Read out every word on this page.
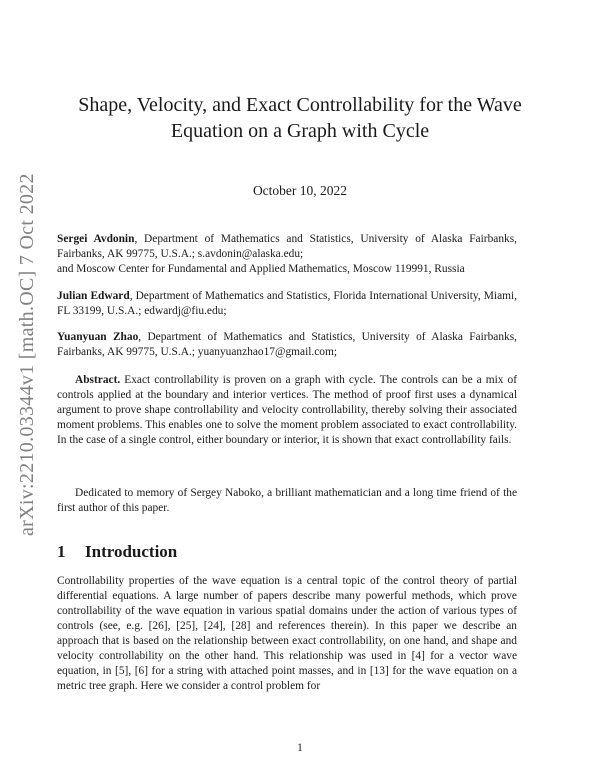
arXiv:2210.03344v1 [math.OC] 7 Oct 2022
Shape, Velocity, and Exact Controllability for the Wave
Equation on a Graph with Cycle
October 10, 2022

Sergei Avdonin, Department of Mathematics and Statistics, University of Alaska Fairbanks, Fairbanks, AK 99775, U.S.A.; s.avdonin@alaska.edu;
and Moscow Center for Fundamental and Applied Mathematics, Moscow 119991, Russia

Julian Edward, Department of Mathematics and Statistics, Florida International University, Miami, FL 33199, U.S.A.; edwardj@fiu.edu;

Yuanyuan Zhao, Department of Mathematics and Statistics, University of Alaska Fairbanks, Fairbanks, AK 99775, U.S.A.; yuanyuanzhao17@gmail.com;

Abstract. Exact controllability is proven on a graph with cycle. The controls can be a mix of controls applied at the boundary and interior vertices. The method of proof first uses a dynamical argument to prove shape controllability and velocity controllability, thereby solving their associated moment problems. This enables one to solve the moment problem associated to exact controllability. In the case of a single control, either boundary or interior, it is shown that exact controllability fails.

Dedicated to memory of Sergey Naboko, a brilliant mathematician and a long time friend of the first author of this paper.

1 Introduction

Controllability properties of the wave equation is a central topic of the control theory of partial differential equations. A large number of papers describe many powerful methods, which prove controllability of the wave equation in various spatial domains under the action of various types of controls (see, e.g. [26], [25], [24], [28] and references therein). In this paper we describe an approach that is based on the relationship between exact controllability, on one hand, and shape and velocity controllability on the other hand. This relationship was used in [4] for a vector wave equation, in [5], [6] for a string with attached point masses, and in [13] for the wave equation on a metric tree graph. Here we consider a control problem for

1
